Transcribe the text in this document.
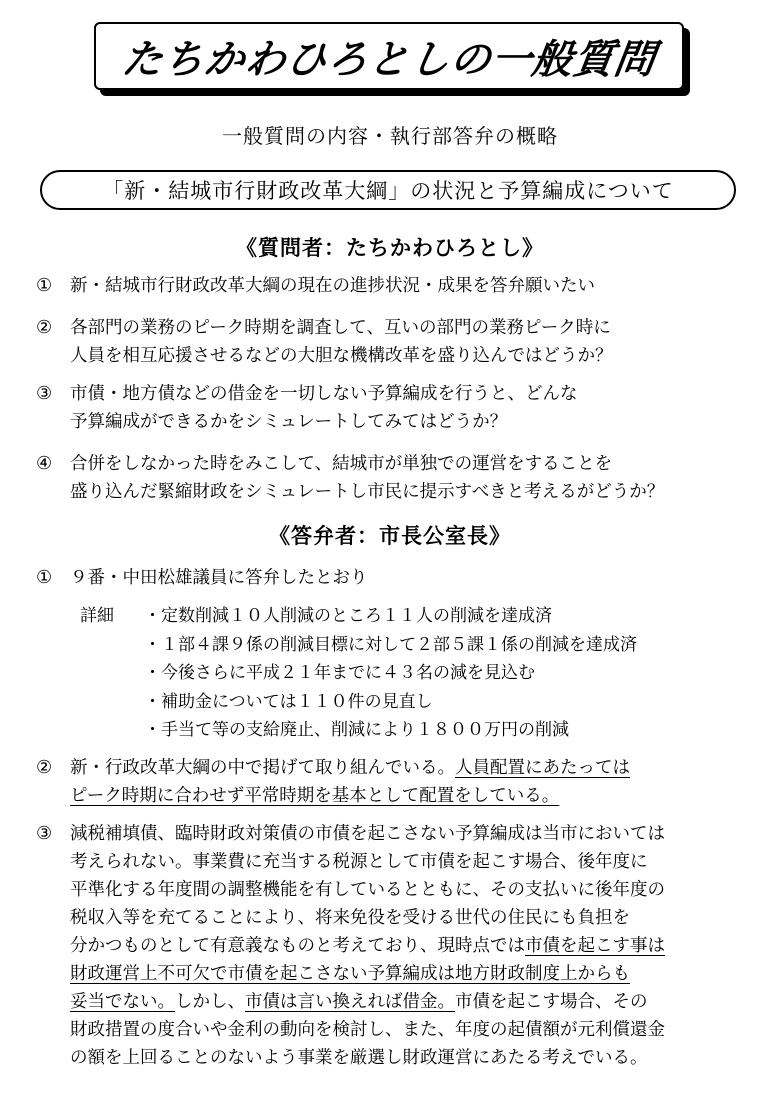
たちかわひろとしの一般質問
一般質問の内容・執行部答弁の概略
「新・結城市行財政改革大綱」の状況と予算編成について
《質問者：たちかわひろとし》
①	新・結城市行財政改革大綱の現在の進捗状況・成果を答弁願いたい
②	各部門の業務のピーク時期を調査して、互いの部門の業務ピーク時に
人員を相互応援させるなどの大胆な機構改革を盛り込んではどうか？
③	市債・地方債などの借金を一切しない予算編成を行うと、どんな
予算編成ができるかをシミュレートしてみてはどうか？
④	合併をしなかった時をみこして、結城市が単独での運営をすることを
盛り込んだ緊縮財政をシミュレートし市民に提示すべきと考えるがどうか？
《答弁者：市長公室長》
①	９番・中田松雄議員に答弁したとおり
詳細 ・定数削減１０人削減のところ１１人の削減を達成済
・１部４課９係の削減目標に対して２部５課１係の削減を達成済
・今後さらに平成２１年までに４３名の減を見込む
・補助金については１１０件の見直し
・手当て等の支給廃止、削減により１８００万円の削減
②	新・行政改革大綱の中で掲げて取り組んでいる。人員配置にあたっては
ピーク時期に合わせず平常時期を基本として配置をしている。
③	減税補填債、臨時財政対策債の市債を起こさない予算編成は当市においては
考えられない。事業費に充当する税源として市債を起こす場合、後年度に
平準化する年度間の調整機能を有しているとともに、その支払いに後年度の
税収入等を充てることにより、将来免役を受ける世代の住民にも負担を
分かつものとして有意義なものと考えており、現時点では市債を起こす事は
財政運営上不可欠で市債を起こさない予算編成は地方財政制度上からも
妥当でない。しかし、市債は言い換えれば借金。市債を起こす場合、その
財政措置の度合いや金利の動向を検討し、また、年度の起債額が元利償還金
の額を上回ることのないよう事業を厳選し財政運営にあたる考えでいる。
